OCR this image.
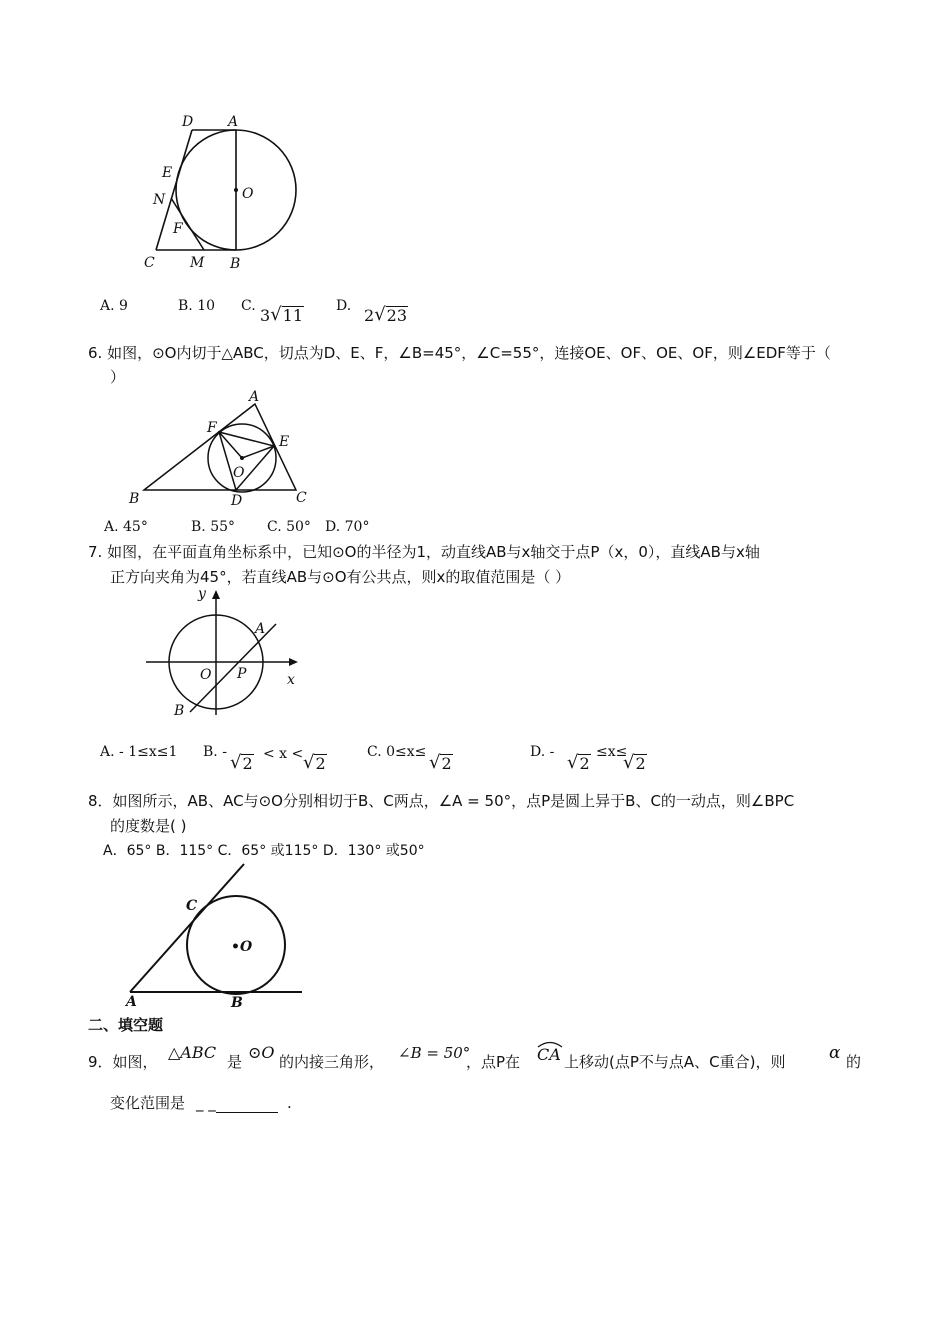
D A
E
O
N
F
C	M B
A. 9	B. 10 C. 3 √ 11 D. 2 √ 23
6. 如图，⊙O内切于△ABC，切点为D、E、F，∠B=45°，∠C=55°，连接OE、OF、OE、OF，则∠EDF等于（
）
A
F
E
O
B	D	C
A. 45°	B. 55° C. 50° D. 70°
7. 如图，在平面直角坐标系中，已知⊙O的半径为1，动直线AB与x轴交于点P（x，0），直线AB与x轴
正方向夹角为45°，若直线AB与⊙O有公共点，则x的取值范围是（ ）
y
A
O P	x
B
A. - 1≤x≤1 B. - √ 2 < x < √ 2
C. 0≤x≤ √ 2
D. - √ 2
≤x≤
√ 2
8．如图所示，AB、AC与⊙O分别相切于B、C两点，∠A = 50°，点P是圆上异于B、C的一动点，则∠BPC
的度数是( )
A．65° B．115° C．65° 或115° D．130° 或50°
C
•O
A	B
二、填空题
9．如图， △ABC 是 ⊙O 的内接三角形， ∠B = 50°
，点P在 CA 上移动(点P不与点A、C重合)，则	α 的
变化范围是 _ _	.
